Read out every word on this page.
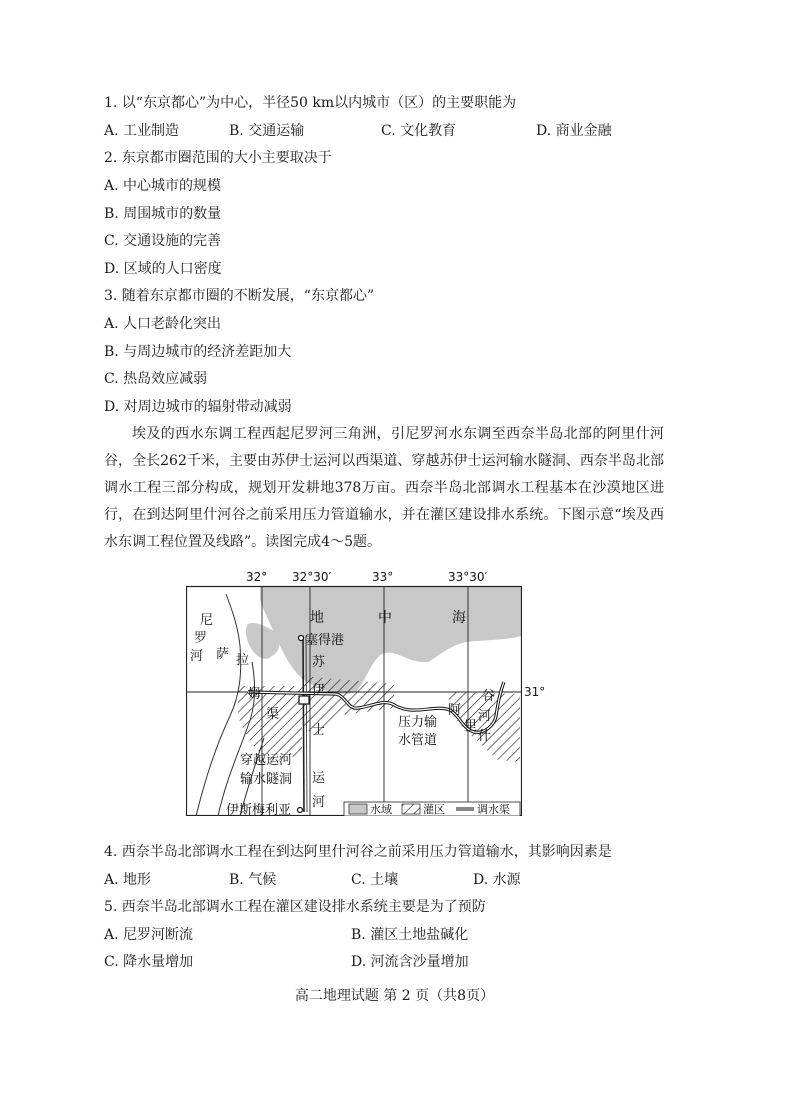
1. 以“东京都心”为中心，半径50 km以内城市（区）的主要职能为
A. 工业制造	B. 交通运输	C. 文化教育	D. 商业金融
2. 东京都市圈范围的大小主要取决于
A. 中心城市的规模
B. 周围城市的数量
C. 交通设施的完善
D. 区域的人口密度
3. 随着东京都市圈的不断发展，“东京都心”
A. 人口老龄化突出
B. 与周边城市的经济差距加大
C. 热岛效应减弱
D. 对周边城市的辐射带动减弱
埃及的西水东调工程西起尼罗河三角洲，引尼罗河水东调至西奈半岛北部的阿里什河谷，全长262千米，主要由苏伊士运河以西渠道、穿越苏伊士运河输水隧洞、西奈半岛北部调水工程三部分构成，规划开发耕地378万亩。西奈半岛北部调水工程基本在沙漠地区进行，在到达阿里什河谷之前采用压力管道输水，并在灌区建设排水系统。下图示意“埃及西水东调工程位置及线路”。读图完成4～5题。
32° 32°30′	33°	33°30′
地	中	海
塞得港
尼
罗
河 萨 拉
姆
渠
苏
伊
士
运
河
穿越运河
输水隧洞
伊斯梅利亚
压力输
水管道
阿
里
什
谷
河
水域	灌区	调水渠
31°
4. 西奈半岛北部调水工程在到达阿里什河谷之前采用压力管道输水，其影响因素是
A. 地形	B. 气候	C. 土壤	D. 水源
5. 西奈半岛北部调水工程在灌区建设排水系统主要是为了预防
A. 尼罗河断流	B. 灌区土地盐碱化
C. 降水量增加	D. 河流含沙量增加
高二地理试题 第 2 页（共8页）
